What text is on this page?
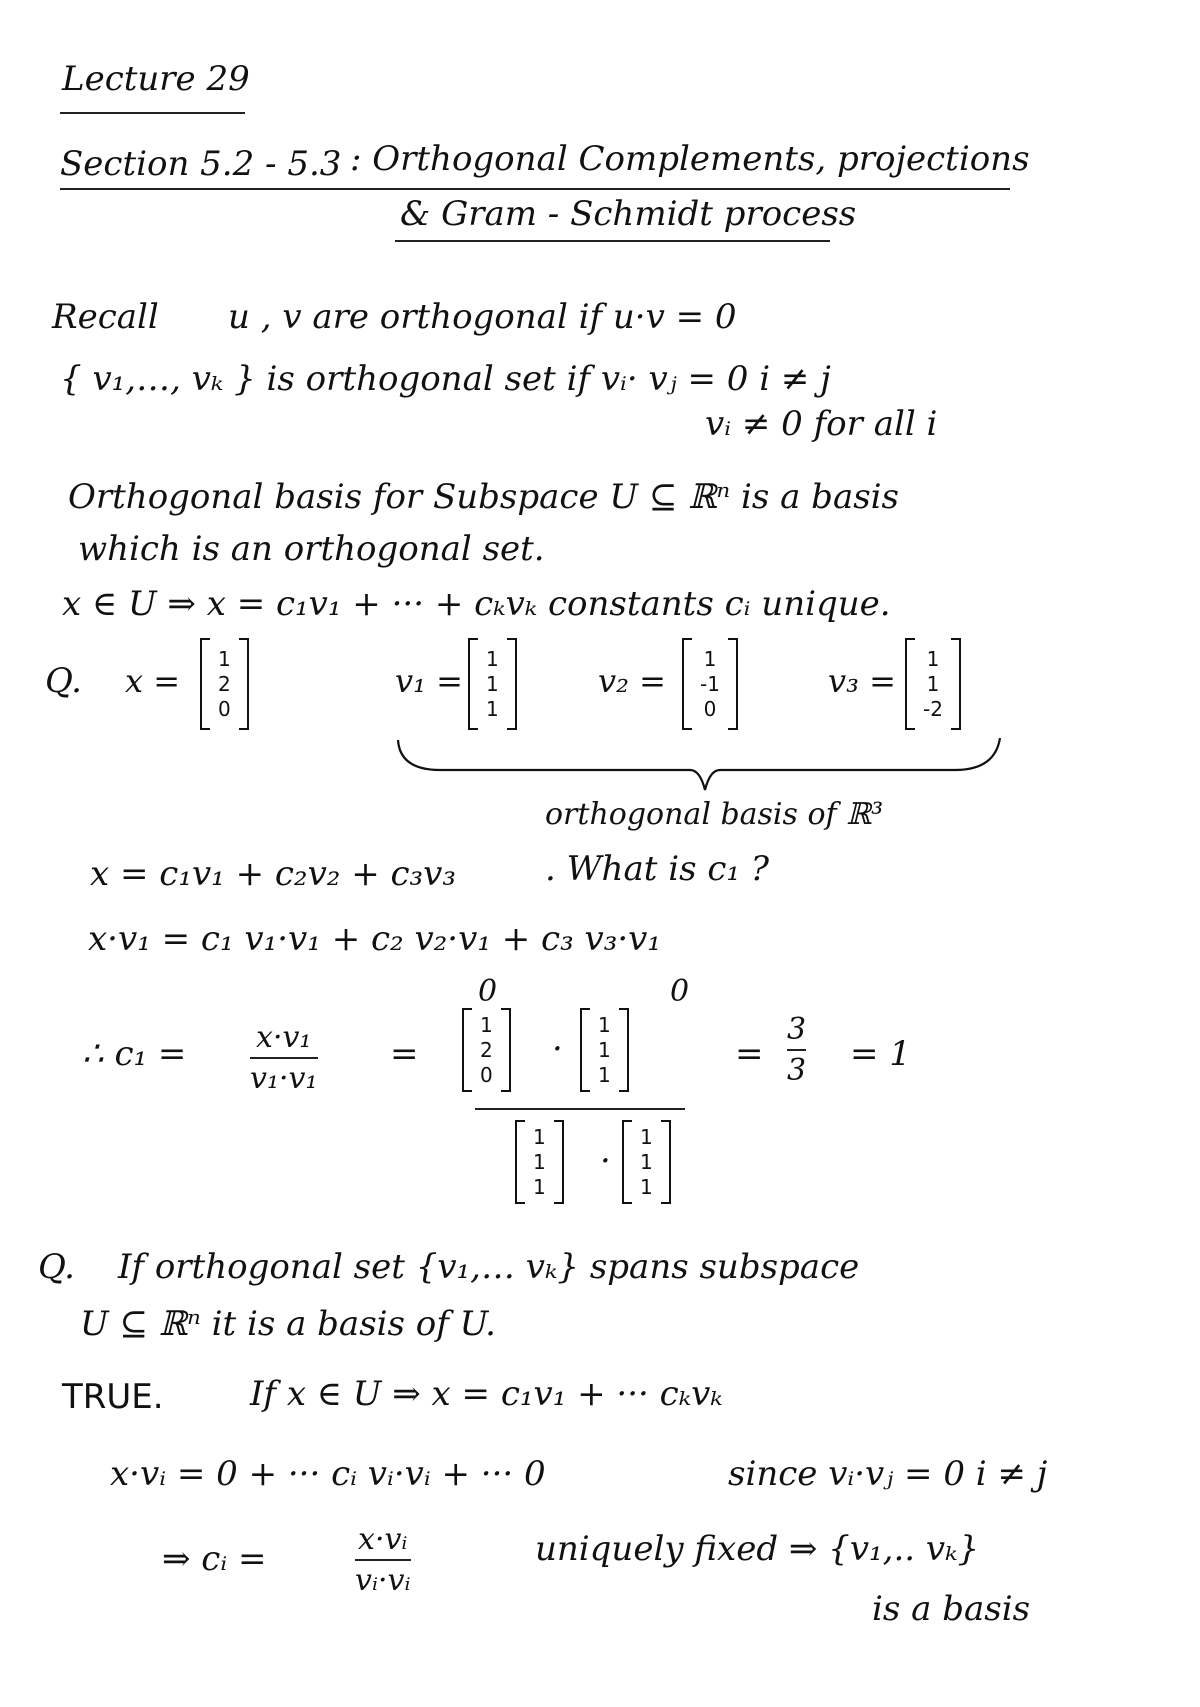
Lecture 29
Section 5.2 - 5.3 : Orthogonal Complements, projections
& Gram - Schmidt process
Recall u , v are orthogonal if u·v = 0
{ v₁,…, vₖ } is orthogonal set if vᵢ· vⱼ = 0 i ≠ j
vᵢ ≠ 0 for all i
Orthogonal basis for Subspace U ⊆ ℝⁿ is a basis
which is an orthogonal set.
x ∈ U ⇒ x = c₁v₁ + ··· + cₖvₖ constants cᵢ unique.
Q. x =
1
2
0
v₁ =
1
1
1
v₂ =
1
-1
0
v₃ =
1
1
-2
orthogonal basis of ℝ³
x = c₁v₁ + c₂v₂ + c₃v₃	. What is c₁ ?
x·v₁ = c₁ v₁·v₁ + c₂ v₂·v₁ + c₃ v₃·v₁
0	0
∴ c₁ = x·v₁
v₁·v₁
=
1
2
0
·
1
1
1
1
1
1
·
1
1
1
=
3
3 = 1
Q. If orthogonal set {v₁,… vₖ} spans subspace
U ⊆ ℝⁿ it is a basis of U.
TRUE.	If x ∈ U ⇒ x = c₁v₁ + ··· cₖvₖ
x·vᵢ = 0 + ··· cᵢ vᵢ·vᵢ + ··· 0	since vᵢ·vⱼ = 0 i ≠ j
⇒ cᵢ =	x·vᵢ
vᵢ·vᵢ
uniquely fixed ⇒ {v₁,.. vₖ}
is a basis
